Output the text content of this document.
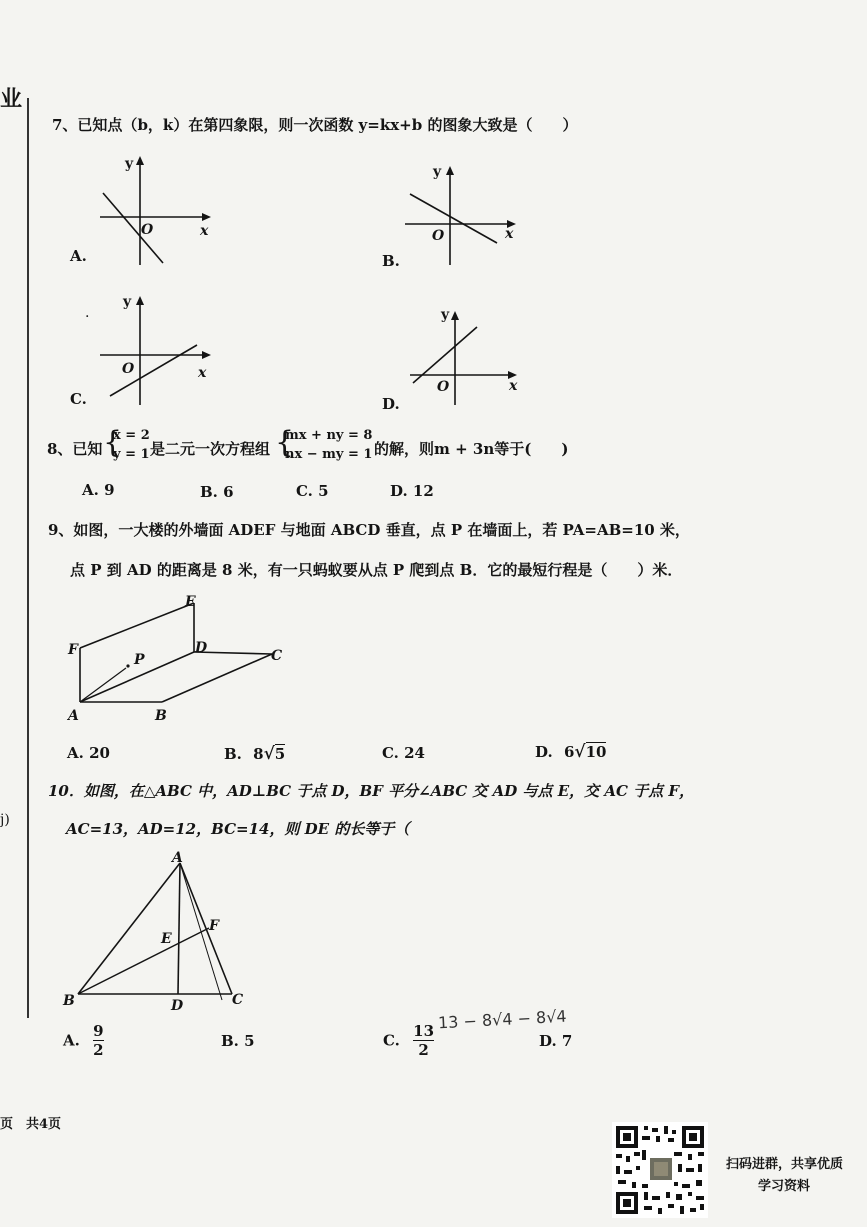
业
j)
7、已知点（b，k）在第四象限，则一次函数 y=kx+b 的图象大致是（　　）
A.
y
O	x
B.
y
O	x
C.
.
y
O	x
D.
y
O	x
8、已知 {
x = 2
y = 1 是二元一次方程组 {
mx + ny = 8
nx − my = 1 的解，则m + 3n等于(　　)
A. 9	B. 6	C. 5	D. 12
9、如图，一大楼的外墙面 ADEF 与地面 ABCD 垂直，点 P 在墙面上，若 PA=AB=10 米，
点 P 到 AD 的距离是 8 米，有一只蚂蚁要从点 P 爬到点 B．它的最短行程是（　　）米．
E
F	D	C
P
A	B
A. 20	B. 8√5	C. 24	D. 6√10
10．如图，在△ABC 中，AD⊥BC 于点 D，BF 平分∠ABC 交 AD 与点 E，交 AC 于点 F，
AC=13，AD=12，BC=14，则 DE 的长等于（
A
B	C
D
E
F
A. $\frac{9}{2}$	B. 5	C. $\frac{13}{2}$
13 − 8√4 − 8√4
D. 7
页　共4页
扫码进群，共享优质
学习资料
